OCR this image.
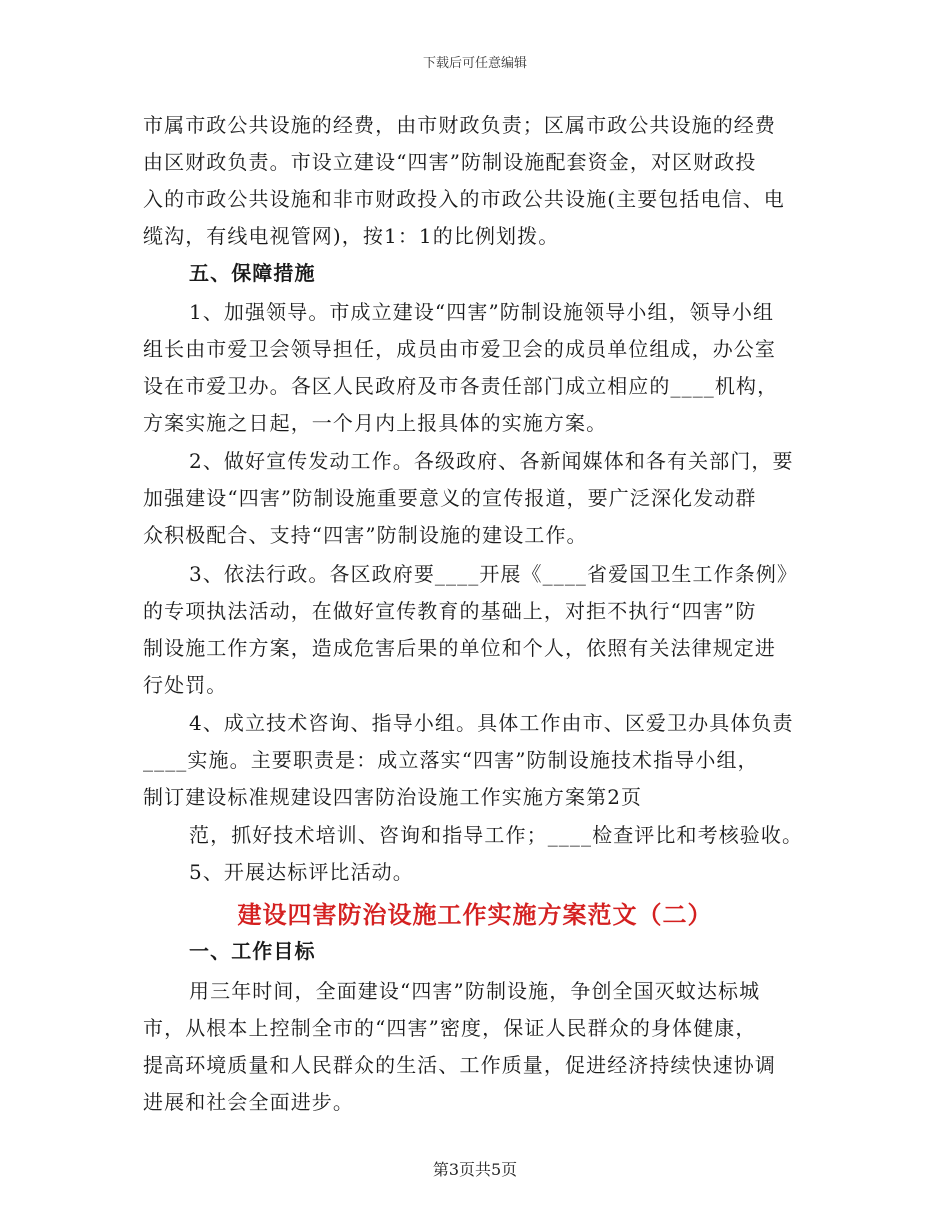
下载后可任意编辑
市属市政公共设施的经费，由市财政负责；区属市政公共设施的经费
由区财政负责。市设立建设“四害”防制设施配套资金，对区财政投
入的市政公共设施和非市财政投入的市政公共设施(主要包括电信、电
缆沟，有线电视管网)，按1：1的比例划拨。
五、保障措施
1、加强领导。市成立建设“四害”防制设施领导小组，领导小组
组长由市爱卫会领导担任，成员由市爱卫会的成员单位组成，办公室
设在市爱卫办。各区人民政府及市各责任部门成立相应的____机构，
方案实施之日起，一个月内上报具体的实施方案。
2、做好宣传发动工作。各级政府、各新闻媒体和各有关部门，要
加强建设“四害”防制设施重要意义的宣传报道，要广泛深化发动群
众积极配合、支持“四害”防制设施的建设工作。
3、依法行政。各区政府要____开展《____省爱国卫生工作条例》
的专项执法活动，在做好宣传教育的基础上，对拒不执行“四害”防
制设施工作方案，造成危害后果的单位和个人，依照有关法律规定进
行处罚。
4、成立技术咨询、指导小组。具体工作由市、区爱卫办具体负责
____实施。主要职责是：成立落实“四害”防制设施技术指导小组，
制订建设标准规建设四害防治设施工作实施方案第2页
范，抓好技术培训、咨询和指导工作；____检查评比和考核验收。
5、开展达标评比活动。
建设四害防治设施工作实施方案范文（二）
一、工作目标
用三年时间，全面建设“四害”防制设施，争创全国灭蚊达标城
市，从根本上控制全市的“四害”密度，保证人民群众的身体健康，
提高环境质量和人民群众的生活、工作质量，促进经济持续快速协调
进展和社会全面进步。
第3页共5页
